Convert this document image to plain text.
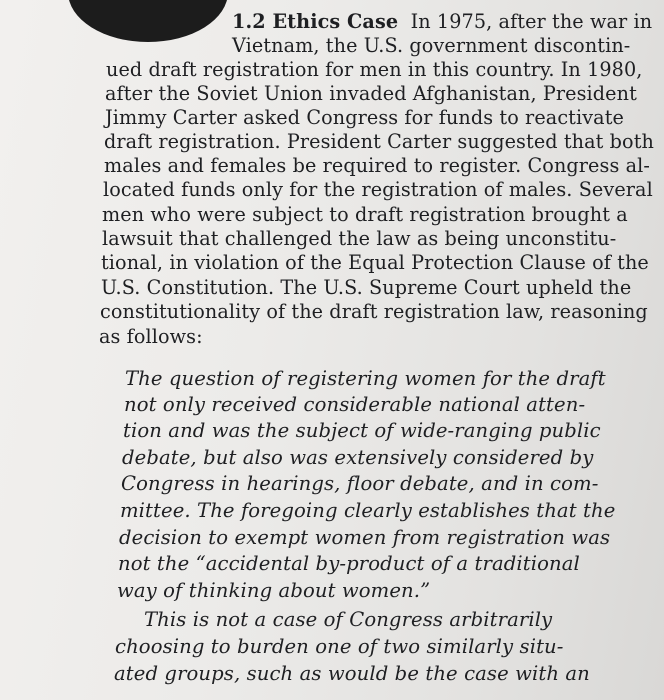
1.2 Ethics Case In 1975, after the war in
Vietnam, the U.S. government discontin-
ued draft registration for men in this country. In 1980,
after the Soviet Union invaded Afghanistan, President
Jimmy Carter asked Congress for funds to reactivate
draft registration. President Carter suggested that both
males and females be required to register. Congress al-
located funds only for the registration of males. Several
men who were subject to draft registration brought a
lawsuit that challenged the law as being unconstitu-
tional, in violation of the Equal Protection Clause of the
U.S. Constitution. The U.S. Supreme Court upheld the
constitutionality of the draft registration law, reasoning
as follows:
The question of registering women for the draft
not only received considerable national atten-
tion and was the subject of wide-ranging public
debate, but also was extensively considered by
Congress in hearings, floor debate, and in com-
mittee. The foregoing clearly establishes that the
decision to exempt women from registration was
not the “accidental by-product of a traditional
way of thinking about women.”
This is not a case of Congress arbitrarily
choosing to burden one of two similarly situ-
ated groups, such as would be the case with an
